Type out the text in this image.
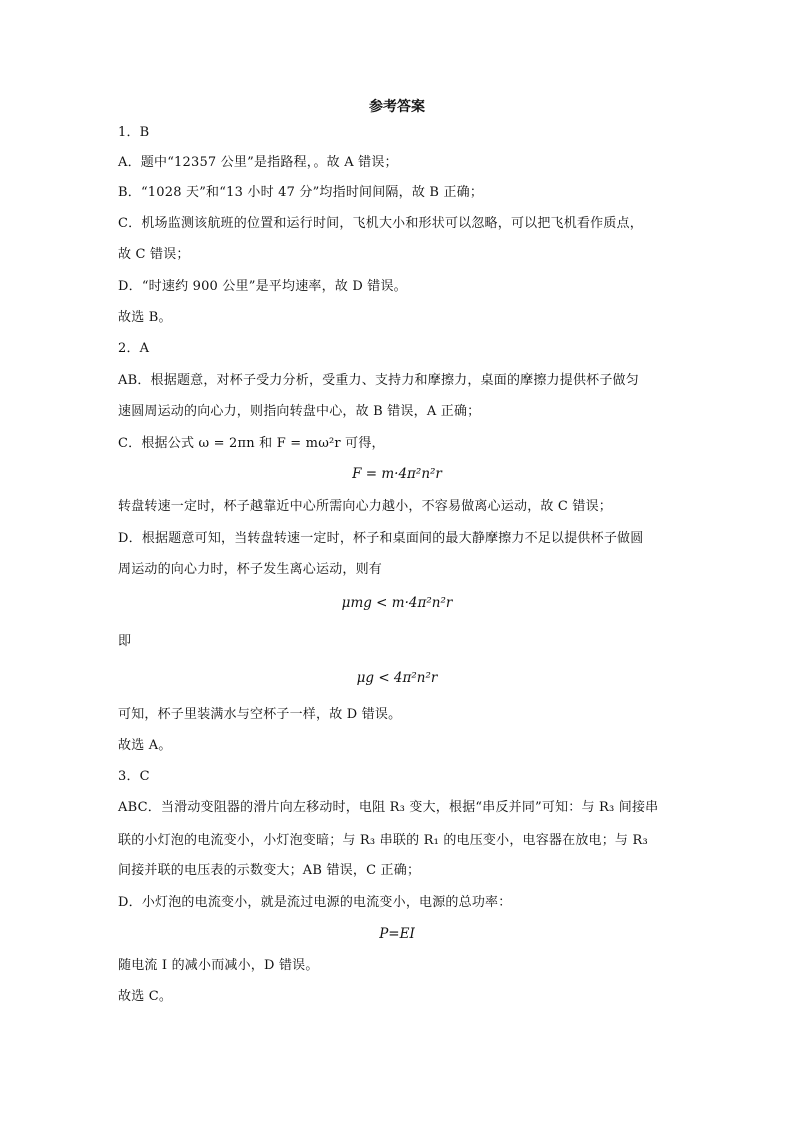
参考答案
1．B
A．题中“12357 公里”是指路程，。故 A 错误；
B．“1028 天”和“13 小时 47 分”均指时间间隔，故 B 正确；
C．机场监测该航班的位置和运行时间，飞机大小和形状可以忽略，可以把飞机看作质点，
故 C 错误；
D．“时速约 900 公里”是平均速率，故 D 错误。
故选 B。
2．A
AB．根据题意，对杯子受力分析，受重力、支持力和摩擦力，桌面的摩擦力提供杯子做匀
速圆周运动的向心力，则指向转盘中心，故 B 错误，A 正确；
C．根据公式 ω = 2πn 和 F = mω²r 可得，
F = m·4π²n²r
转盘转速一定时，杯子越靠近中心所需向心力越小，不容易做离心运动，故 C 错误；
D．根据题意可知，当转盘转速一定时，杯子和桌面间的最大静摩擦力不足以提供杯子做圆
周运动的向心力时，杯子发生离心运动，则有
μmg < m·4π²n²r
即
μg < 4π²n²r
可知，杯子里装满水与空杯子一样，故 D 错误。
故选 A。
3．C
ABC．当滑动变阻器的滑片向左移动时，电阻 R₃ 变大，根据“串反并同”可知：与 R₃ 间接串
联的小灯泡的电流变小，小灯泡变暗；与 R₃ 串联的 R₁ 的电压变小，电容器在放电；与 R₃
间接并联的电压表的示数变大；AB 错误，C 正确；
D．小灯泡的电流变小，就是流过电源的电流变小，电源的总功率：
P=EI
随电流 I 的减小而减小，D 错误。
故选 C。
